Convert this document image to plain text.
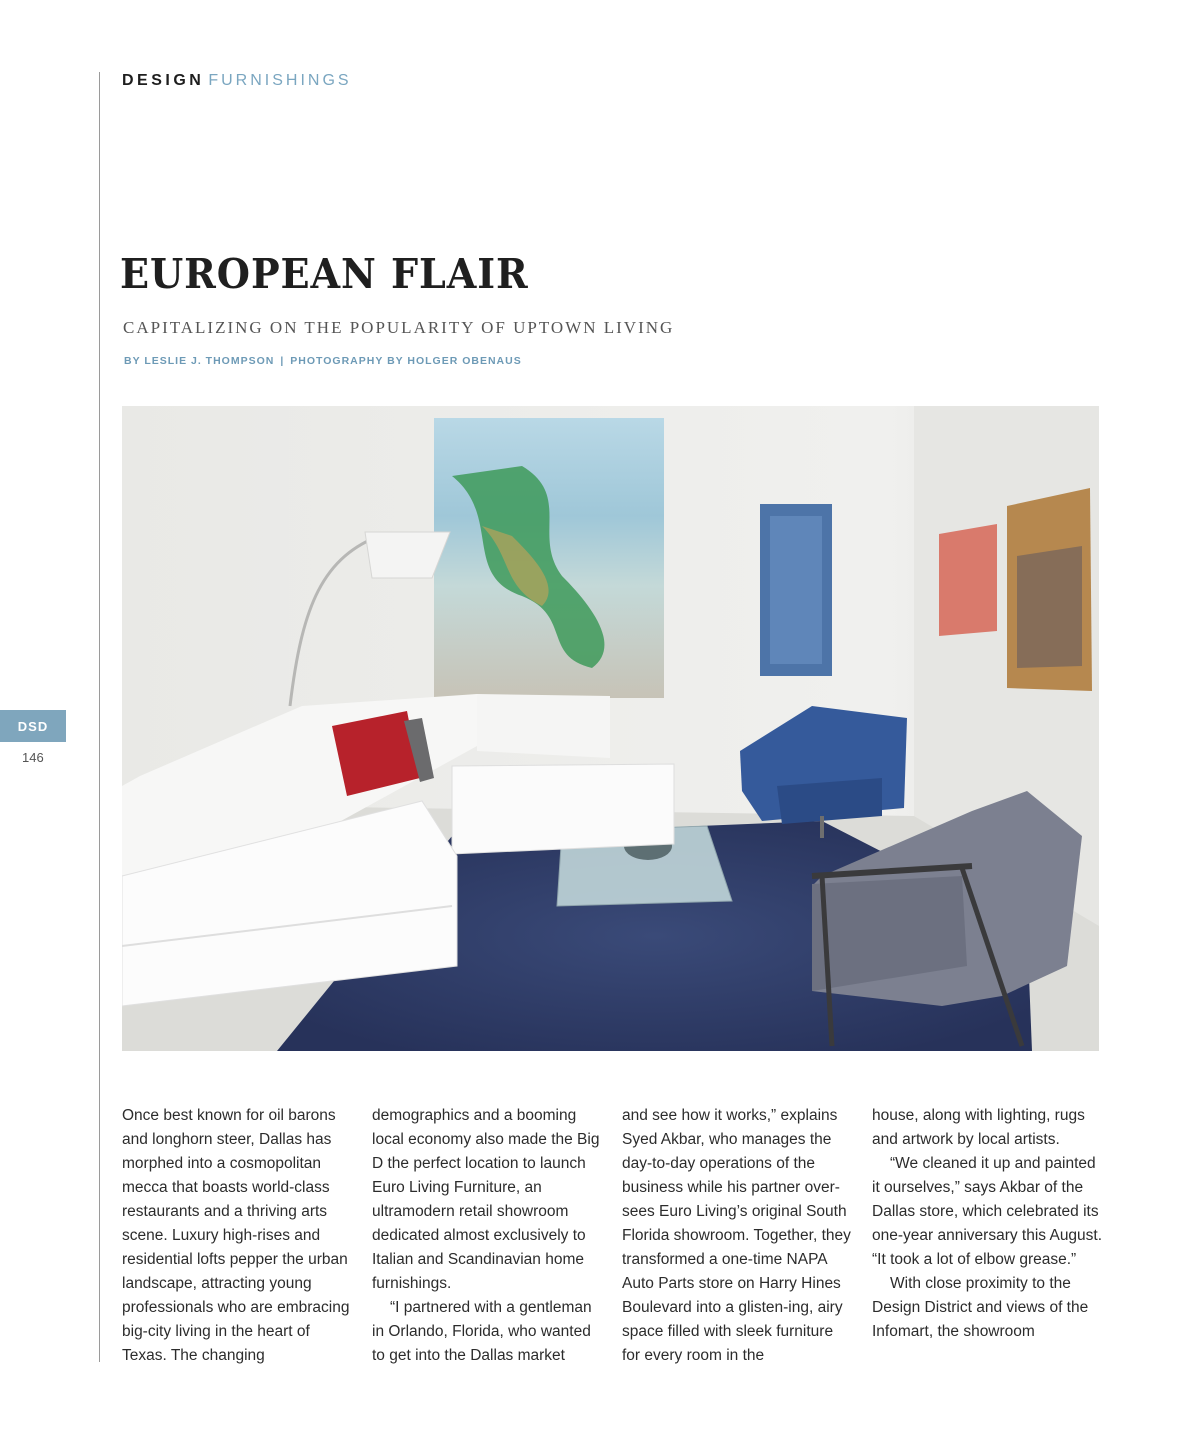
DESIGN FURNISHINGS
EUROPEAN FLAIR
CAPITALIZING ON THE POPULARITY OF UPTOWN LIVING
BY LESLIE J. THOMPSON | PHOTOGRAPHY BY HOLGER OBENAUS
DSD
146

Once best known for oil barons and longhorn steer, Dallas has morphed into a cosmopolitan mecca that boasts world-class restaurants and a thriving arts scene. Luxury high-rises and residential lofts pepper the urban landscape, attracting young professionals who are embracing big-city living in the heart of Texas. The changing

demographics and a booming local economy also made the Big D the perfect location to launch Euro Living Furniture, an ultramodern retail showroom dedicated almost exclusively to Italian and Scandinavian home furnishings.

“I partnered with a gentleman in Orlando, Florida, who wanted to get into the Dallas market

and see how it works,” explains Syed Akbar, who manages the day-to-day operations of the business while his partner over-sees Euro Living’s original South Florida showroom. Together, they transformed a one-time NAPA Auto Parts store on Harry Hines Boulevard into a glisten-ing, airy space filled with sleek furniture for every room in the

house, along with lighting, rugs and artwork by local artists.

“We cleaned it up and painted it ourselves,” says Akbar of the Dallas store, which celebrated its one-year anniversary this August. “It took a lot of elbow grease.”

With close proximity to the Design District and views of the Infomart, the showroom
